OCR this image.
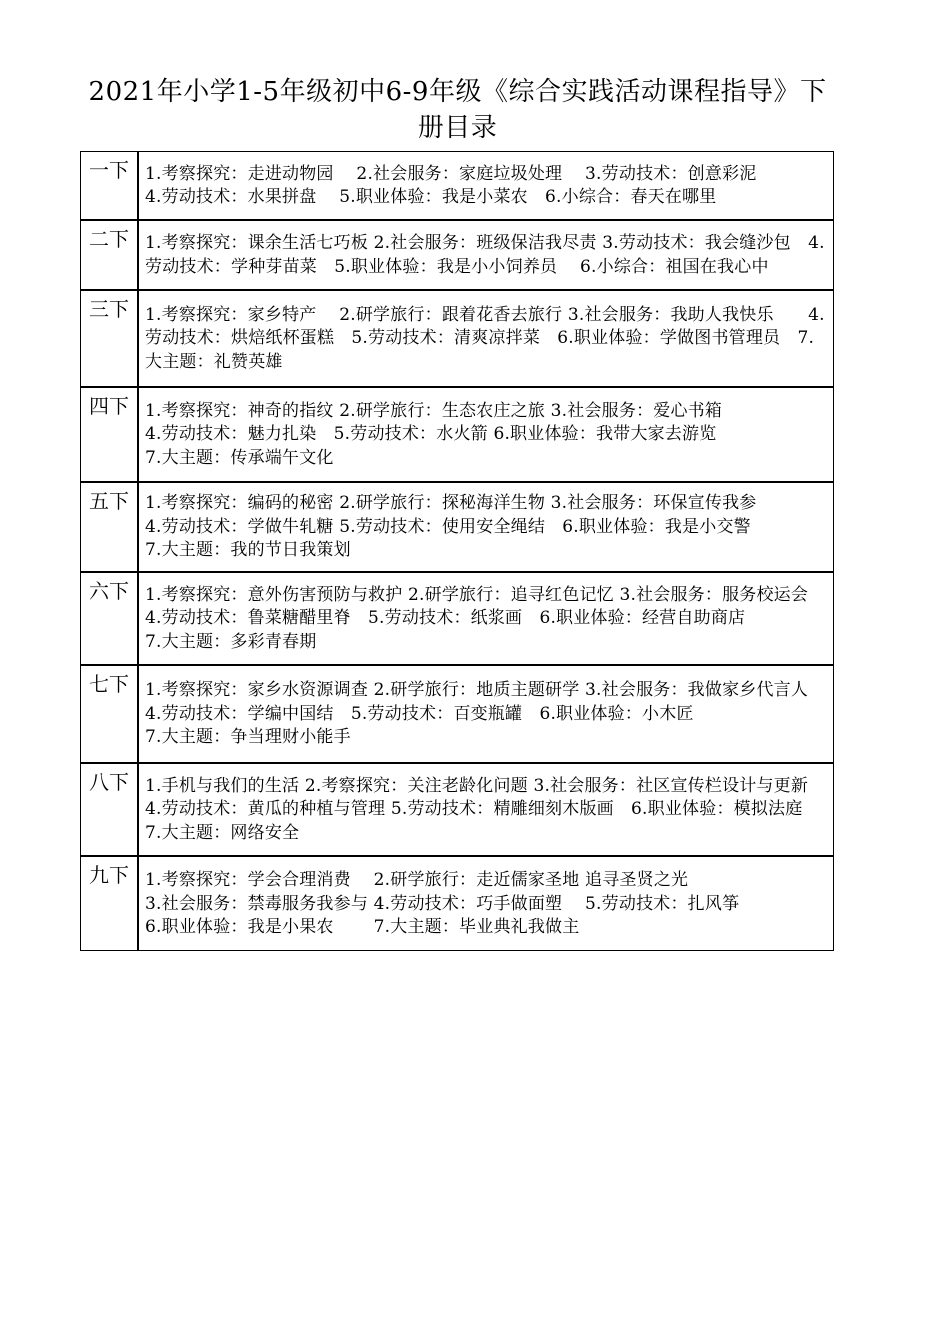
2021年小学1-5年级初中6-9年级《综合实践活动课程指导》下册目录
一下	1.考察探究：走进动物园　 2.社会服务：家庭垃圾处理　 3.劳动技术：创意彩泥
4.劳动技术：水果拼盘　 5.职业体验：我是小菜农　6.小综合：春天在哪里
二下	1.考察探究：课余生活七巧板 2.社会服务：班级保洁我尽责 3.劳动技术：我会缝沙包　4.劳动技术：学种芽苗菜　5.职业体验：我是小小饲养员　 6.小综合：祖国在我心中
三下	1.考察探究：家乡特产　 2.研学旅行：跟着花香去旅行 3.社会服务：我助人我快乐　　4.劳动技术：烘焙纸杯蛋糕　5.劳动技术：清爽凉拌菜　6.职业体验：学做图书管理员　7.大主题：礼赞英雄
四下	1.考察探究：神奇的指纹 2.研学旅行：生态农庄之旅 3.社会服务：爱心书箱
4.劳动技术：魅力扎染　5.劳动技术：水火箭 6.职业体验：我带大家去游览
7.大主题：传承端午文化
五下	1.考察探究：编码的秘密 2.研学旅行：探秘海洋生物 3.社会服务：环保宣传我参
4.劳动技术：学做牛轧糖 5.劳动技术：使用安全绳结　6.职业体验：我是小交警
7.大主题：我的节日我策划
六下	1.考察探究：意外伤害预防与救护 2.研学旅行：追寻红色记忆 3.社会服务：服务校运会　 4.劳动技术：鲁菜糖醋里脊　5.劳动技术：纸浆画　6.职业体验：经营自助商店　　　　7.大主题：多彩青春期
七下	1.考察探究：家乡水资源调查 2.研学旅行：地质主题研学 3.社会服务：我做家乡代言人　4.劳动技术：学编中国结　5.劳动技术：百变瓶罐　6.职业体验：小木匠
7.大主题：争当理财小能手
八下	1.手机与我们的生活 2.考察探究：关注老龄化问题 3.社会服务：社区宣传栏设计与更新　4.劳动技术：黄瓜的种植与管理 5.劳动技术：精雕细刻木版画　6.职业体验：模拟法庭　　　7.大主题：网络安全
九下	1.考察探究：学会合理消费　 2.研学旅行：走近儒家圣地 追寻圣贤之光
3.社会服务：禁毒服务我参与 4.劳动技术：巧手做面塑　 5.劳动技术：扎风筝
6.职业体验：我是小果农　　 7.大主题：毕业典礼我做主
